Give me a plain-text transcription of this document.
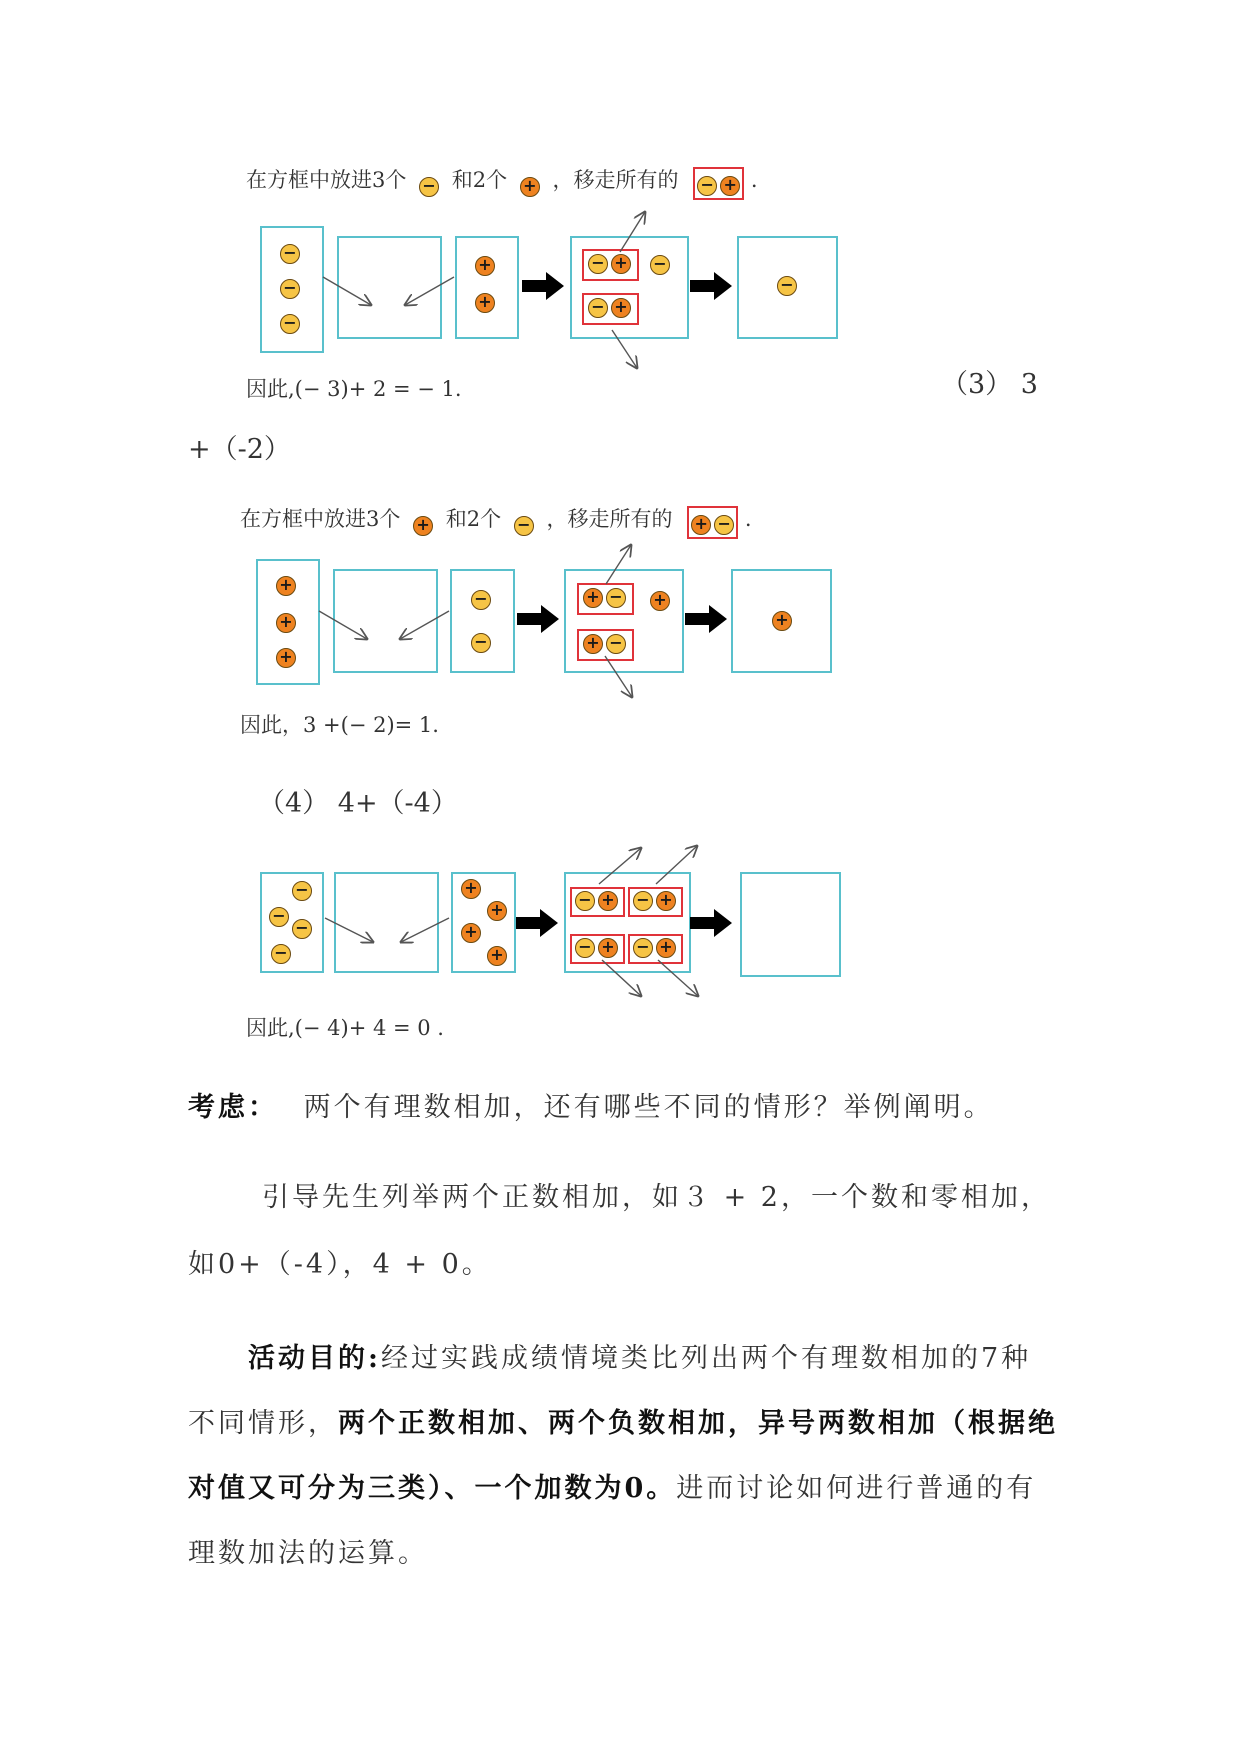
在方框中放进3个 − 和2个 + ，移走所有的 − + .
−
−
−
+
+
− + −
− +
−
因此,(− 3)+ 2 = − 1.	（3） 3
+（-2）
在方框中放进3个 + 和2个 − ，移走所有的 + − .
+
+
+
−
−
+ − +
+ −
+
因此，3 +(− 2)= 1.
（4） 4+（-4）
−
−
−
−
+
+
+
+
− + − +
− + − +
因此,(− 4)+ 4 = 0 .
考虑： 两个有理数相加，还有哪些不同的情形？举例阐明。
引导先生列举两个正数相加，如３ + 2，一个数和零相加，
如0+（-4），4 + 0。
活动目的:经过实践成绩情境类比列出两个有理数相加的7种
不同情形，两个正数相加、两个负数相加，异号两数相加（根据绝
对值又可分为三类）、一个加数为0。进而讨论如何进行普通的有
理数加法的运算。
